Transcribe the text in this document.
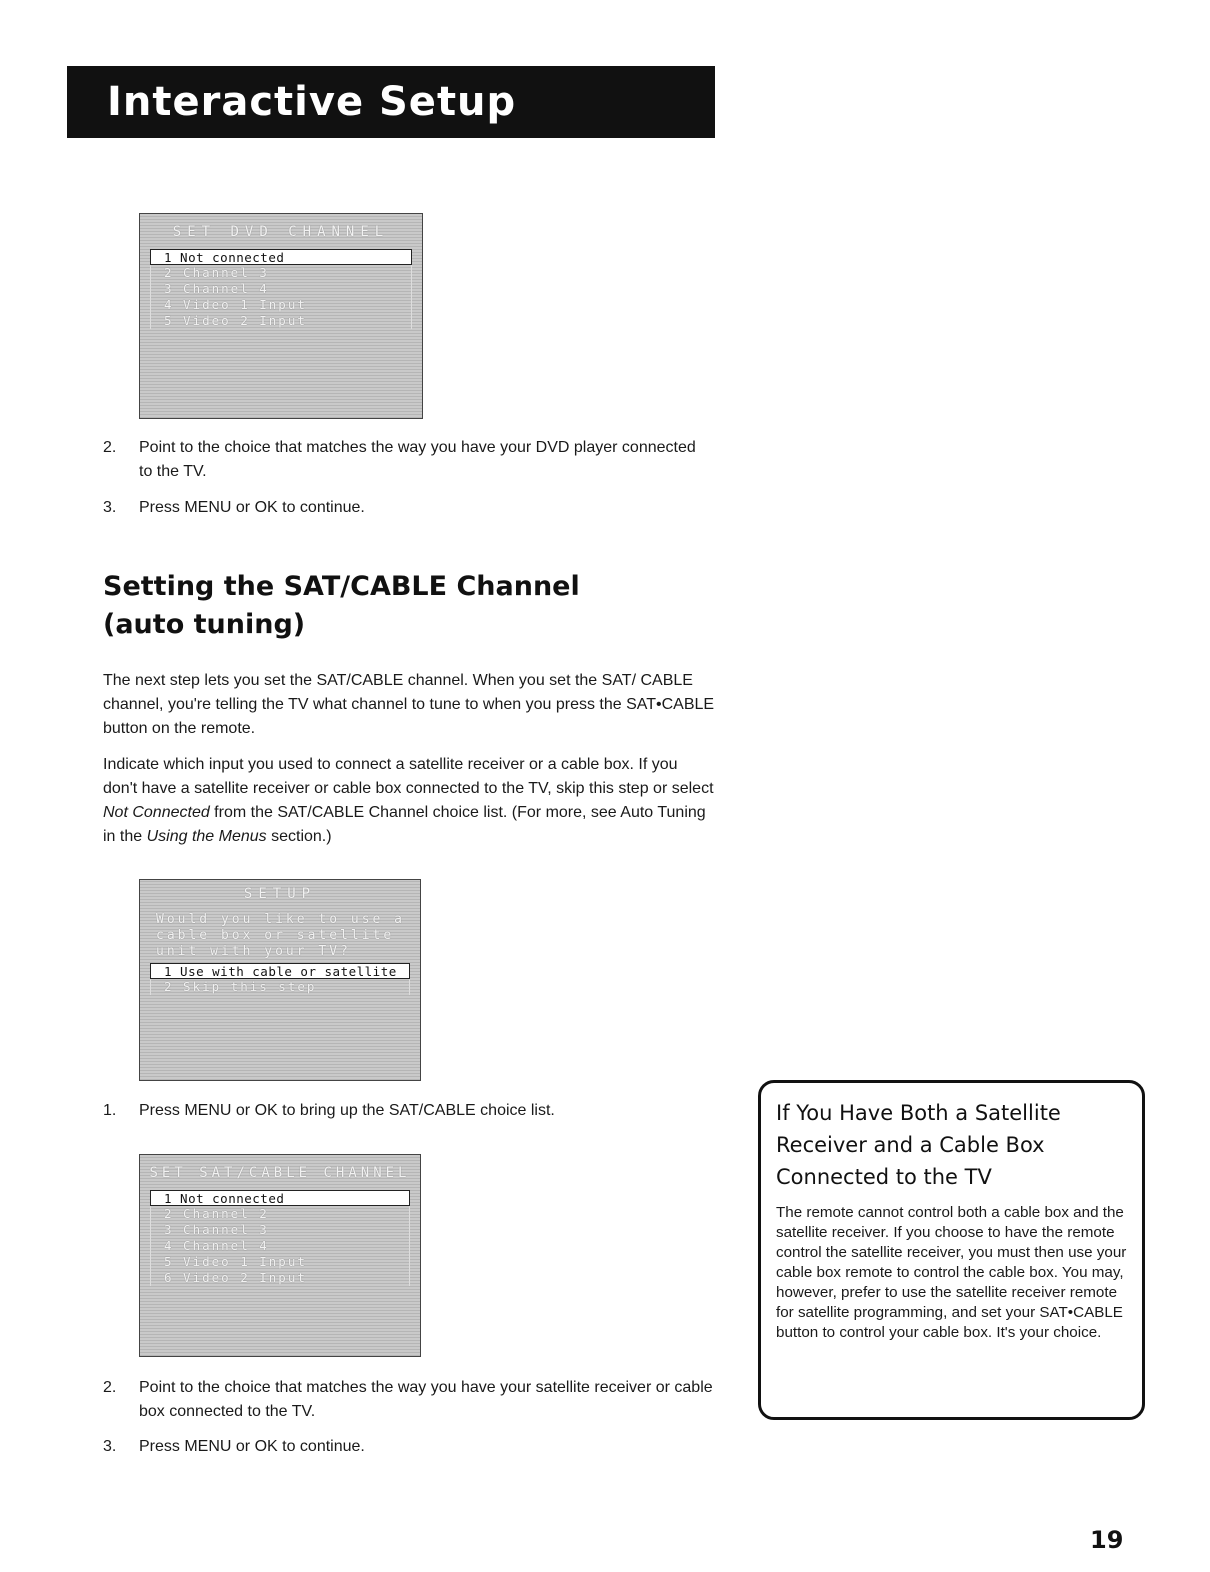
Interactive Setup
SET DVD CHANNEL
1 Not connected
2 Channel 3
3 Channel 4
4 Video 1 Input
5 Video 2 Input
2. Point to the choice that matches the way you have your DVD player connected to the TV.
3. Press MENU or OK to continue.
Setting the SAT/CABLE Channel
(auto tuning)
The next step lets you set the SAT/CABLE channel. When you set the SAT/ CABLE channel, you're telling the TV what channel to tune to when you press the SAT•CABLE button on the remote.
Indicate which input you used to connect a satellite receiver or a cable box. If you don't have a satellite receiver or cable box connected to the TV, skip this step or select Not Connected from the SAT/CABLE Channel choice list. (For more, see Auto Tuning in the Using the Menus section.)
SETUP
Would you like to use a cable box or satellite unit with your TV?
1 Use with cable or satellite
2 Skip this step
1. Press MENU or OK to bring up the SAT/CABLE choice list.
SET SAT/CABLE CHANNEL
1 Not connected
2 Channel 2
3 Channel 3
4 Channel 4
5 Video 1 Input
6 Video 2 Input
2. Point to the choice that matches the way you have your satellite receiver or cable box connected to the TV.
3. Press MENU or OK to continue.
If You Have Both a Satellite Receiver and a Cable Box Connected to the TV
The remote cannot control both a cable box and the satellite receiver. If you choose to have the remote control the satellite receiver, you must then use your cable box remote to control the cable box. You may, however, prefer to use the satellite receiver remote for satellite programming, and set your SAT•CABLE button to control your cable box. It's your choice.
19
